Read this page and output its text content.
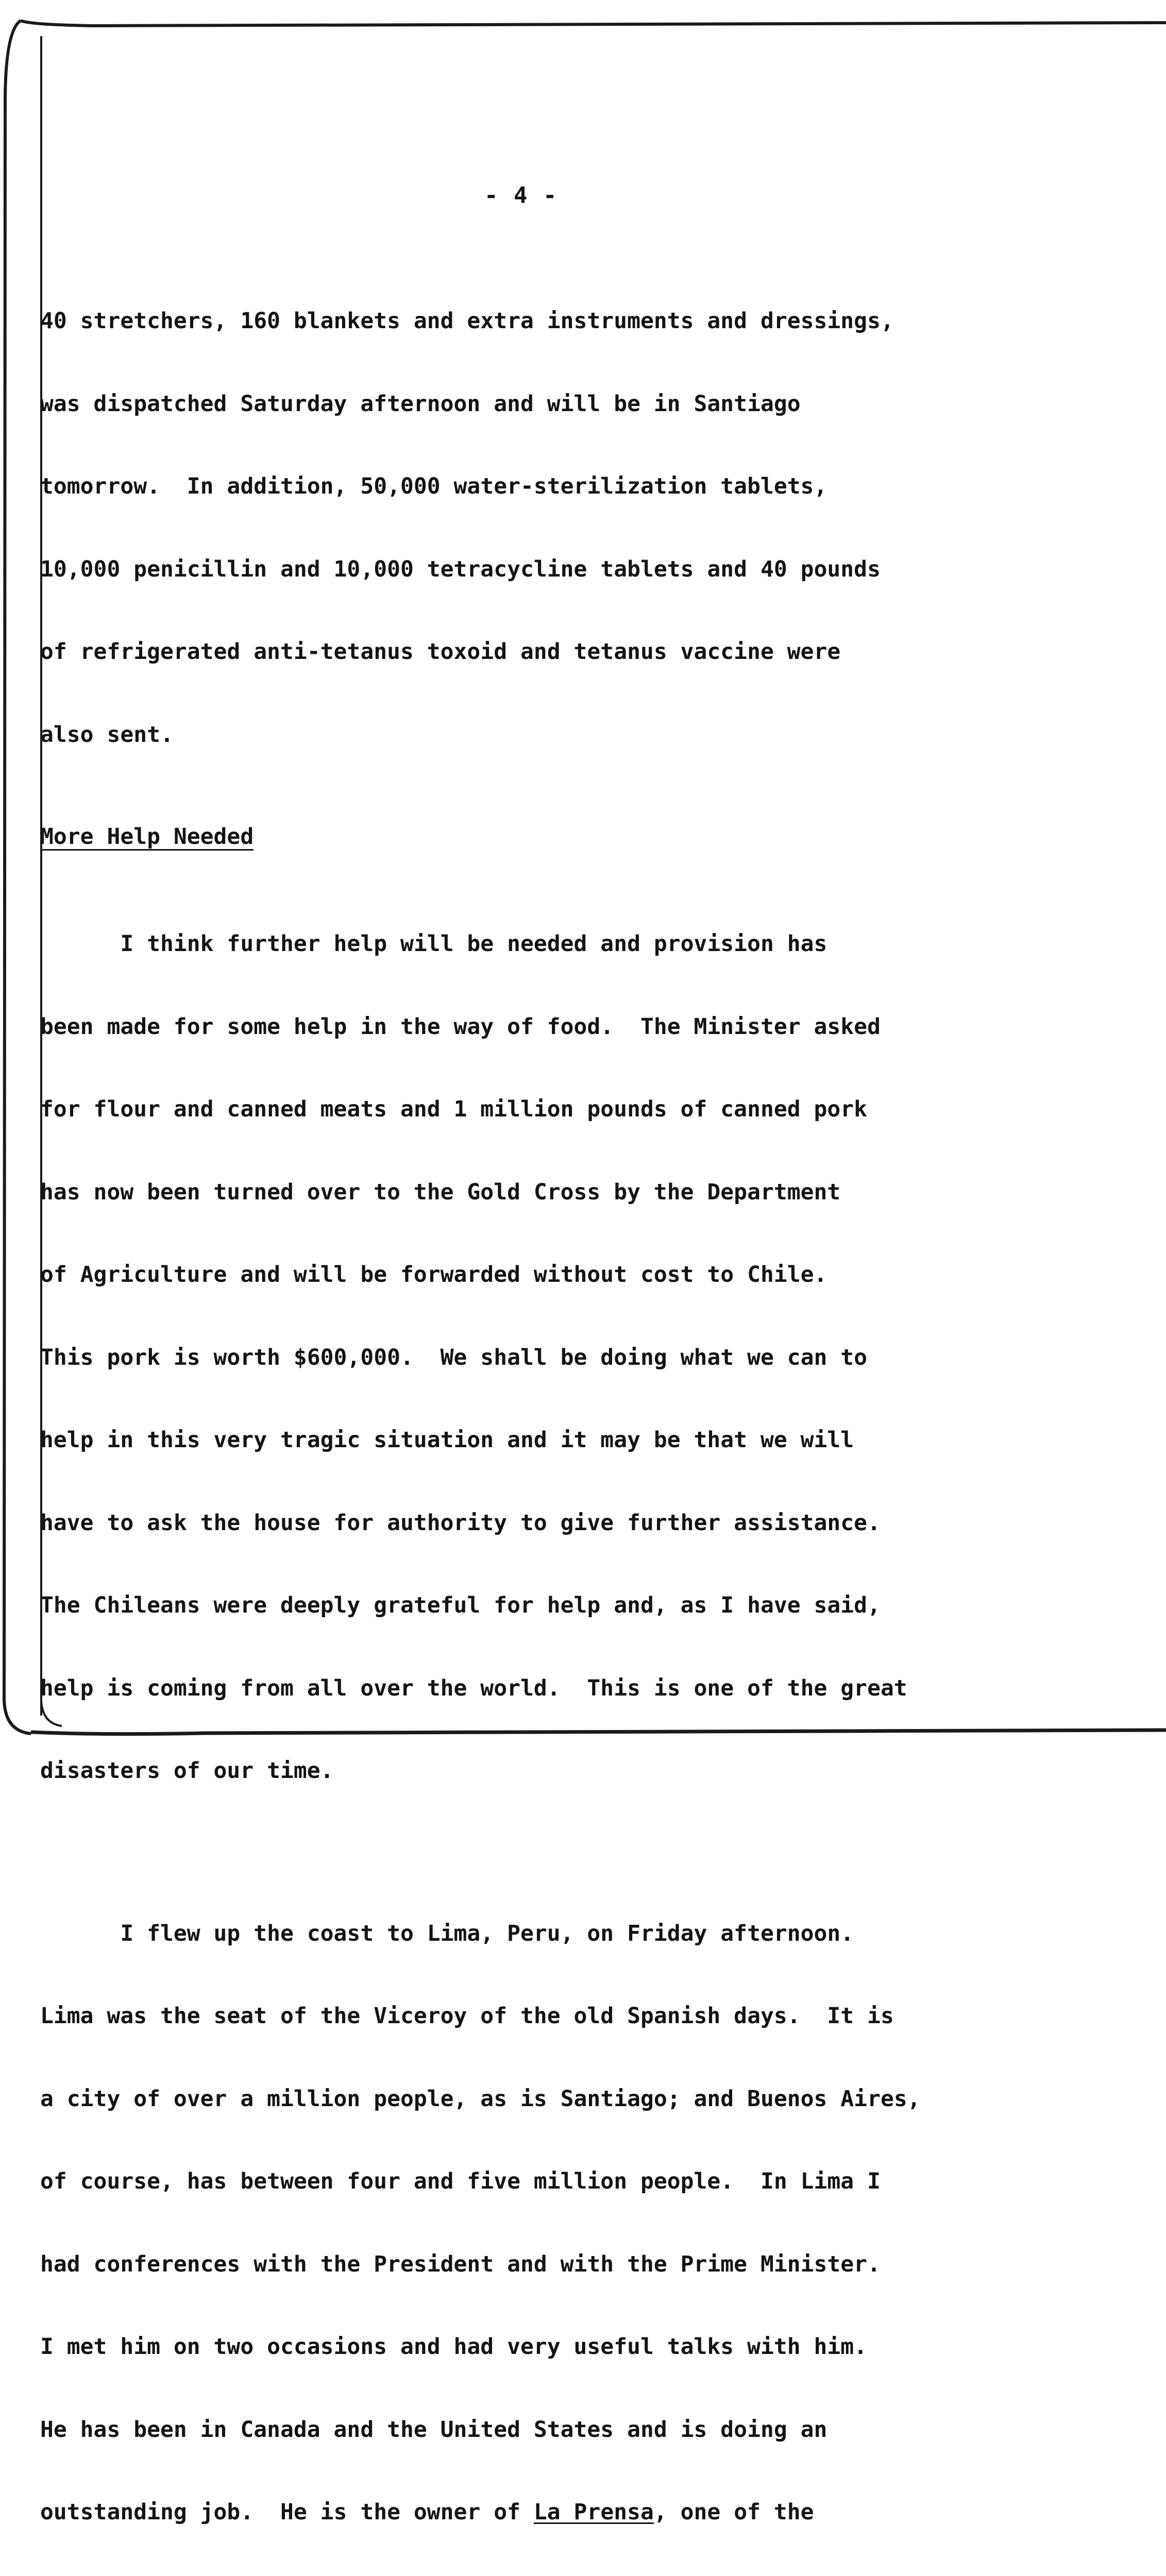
- 4 -

40 stretchers, 160 blankets and extra instruments and dressings,

was dispatched Saturday afternoon and will be in Santiago

tomorrow.  In addition, 50,000 water-sterilization tablets,

10,000 penicillin and 10,000 tetracycline tablets and 40 pounds

of refrigerated anti-tetanus toxoid and tetanus vaccine were

also sent.

More Help Needed

I think further help will be needed and provision has

been made for some help in the way of food.  The Minister asked

for flour and canned meats and 1 million pounds of canned pork

has now been turned over to the Gold Cross by the Department

of Agriculture and will be forwarded without cost to Chile.

This pork is worth $600,000.  We shall be doing what we can to

help in this very tragic situation and it may be that we will

have to ask the house for authority to give further assistance.

The Chileans were deeply grateful for help and, as I have said,

help is coming from all over the world.  This is one of the great

disasters of our time.

I flew up the coast to Lima, Peru, on Friday afternoon.

Lima was the seat of the Viceroy of the old Spanish days.  It is

a city of over a million people, as is Santiago; and Buenos Aires,

of course, has between four and five million people.  In Lima I

had conferences with the President and with the Prime Minister.

I met him on two occasions and had very useful talks with him.

He has been in Canada and the United States and is doing an

outstanding job.  He is the owner of La Prensa, one of the
